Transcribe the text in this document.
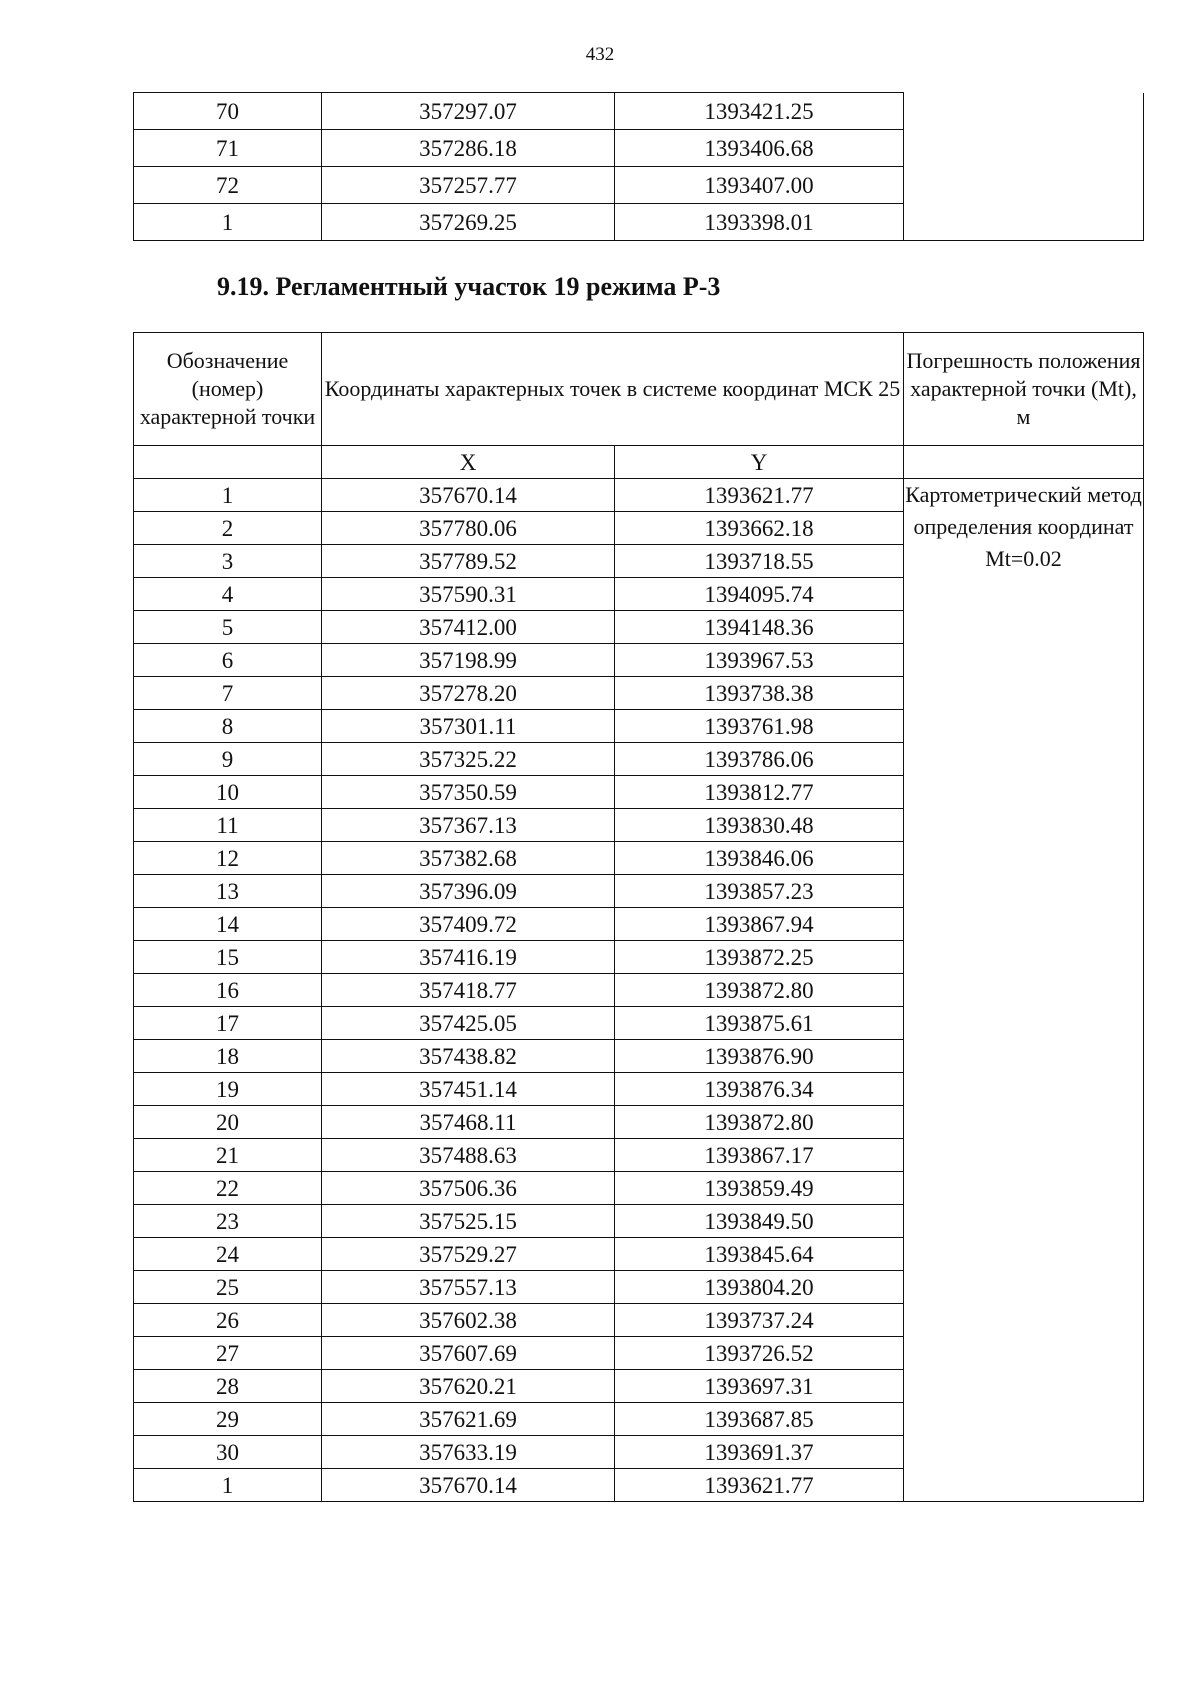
432
70	357297.07	1393421.25	
71	357286.18	1393406.68	
72	357257.77	1393407.00	
1	357269.25	1393398.01	
9.19. Регламентный участок 19 режима Р-3
Обозначение (номер) характерной точки	Координаты характерных точек в системе координат МСК 25		Погрешность положения характерной точки (Mt), м
	X	Y	
1	357670.14	1393621.77	Картометрический метод определения координат Mt=0.02
2	357780.06	1393662.18	
3	357789.52	1393718.55	
4	357590.31	1394095.74	
5	357412.00	1394148.36	
6	357198.99	1393967.53	
7	357278.20	1393738.38	
8	357301.11	1393761.98	
9	357325.22	1393786.06	
10	357350.59	1393812.77	
11	357367.13	1393830.48	
12	357382.68	1393846.06	
13	357396.09	1393857.23	
14	357409.72	1393867.94	
15	357416.19	1393872.25	
16	357418.77	1393872.80	
17	357425.05	1393875.61	
18	357438.82	1393876.90	
19	357451.14	1393876.34	
20	357468.11	1393872.80	
21	357488.63	1393867.17	
22	357506.36	1393859.49	
23	357525.15	1393849.50	
24	357529.27	1393845.64	
25	357557.13	1393804.20	
26	357602.38	1393737.24	
27	357607.69	1393726.52	
28	357620.21	1393697.31	
29	357621.69	1393687.85	
30	357633.19	1393691.37	
1	357670.14	1393621.77	
